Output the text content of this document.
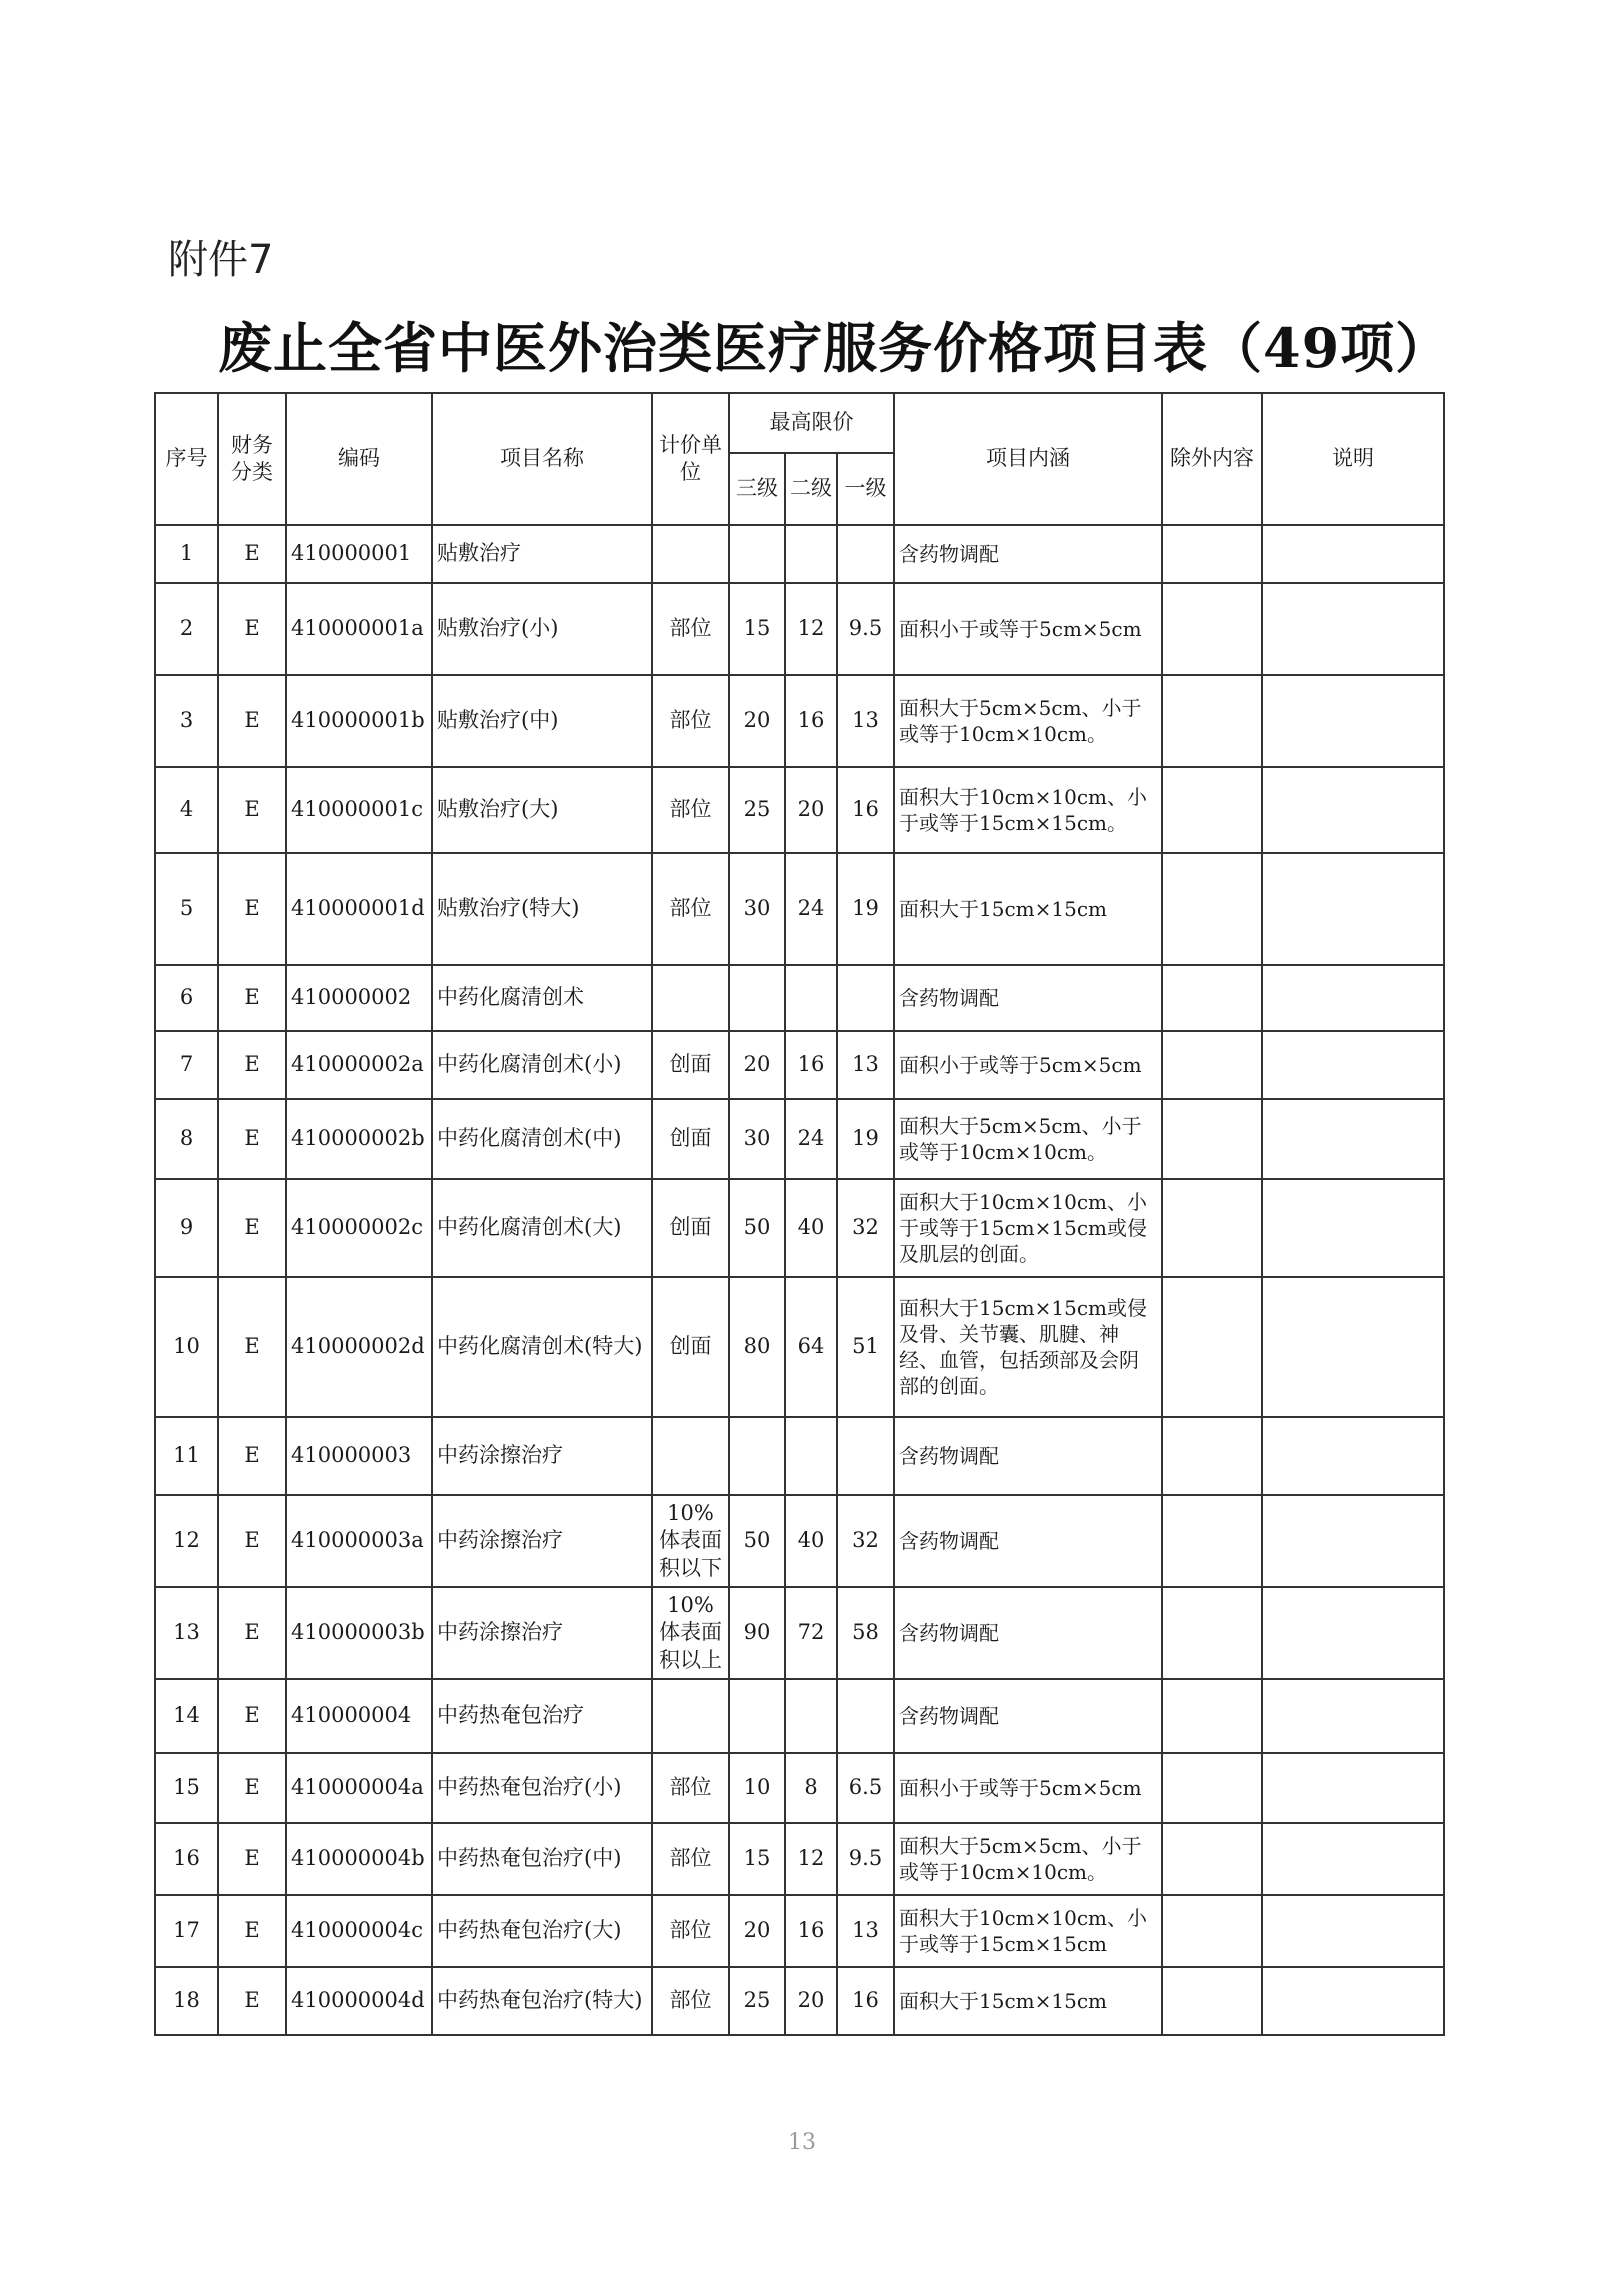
附件7
废止全省中医外治类医疗服务价格项目表（49项）
序号	财务分类	编码	项目名称	计价单位	最高限价			项目内涵	除外内容	说明
					三级	二级	一级			
1	E	410000001	贴敷治疗					含药物调配		
2	E	410000001a	贴敷治疗(小)	部位	15	12	9.5	面积小于或等于5cm×5cm		
3	E	410000001b	贴敷治疗(中)	部位	20	16	13	面积大于5cm×5cm、小于或等于10cm×10cm。		
4	E	410000001c	贴敷治疗(大)	部位	25	20	16	面积大于10cm×10cm、小于或等于15cm×15cm。		
5	E	410000001d	贴敷治疗(特大)	部位	30	24	19	面积大于15cm×15cm		
6	E	410000002	中药化腐清创术					含药物调配		
7	E	410000002a	中药化腐清创术(小)	创面	20	16	13	面积小于或等于5cm×5cm		
8	E	410000002b	中药化腐清创术(中)	创面	30	24	19	面积大于5cm×5cm、小于或等于10cm×10cm。		
9	E	410000002c	中药化腐清创术(大)	创面	50	40	32	面积大于10cm×10cm、小于或等于15cm×15cm或侵及肌层的创面。		
10	E	410000002d	中药化腐清创术(特大)	创面	80	64	51	面积大于15cm×15cm或侵及骨、关节囊、肌腱、神经、血管，包括颈部及会阴部的创面。		
11	E	410000003	中药涂擦治疗					含药物调配		
12	E	410000003a	中药涂擦治疗	10%体表面积以下	50	40	32	含药物调配		
13	E	410000003b	中药涂擦治疗	10%体表面积以上	90	72	58	含药物调配		
14	E	410000004	中药热奄包治疗					含药物调配		
15	E	410000004a	中药热奄包治疗(小)	部位	10	8	6.5	面积小于或等于5cm×5cm		
16	E	410000004b	中药热奄包治疗(中)	部位	15	12	9.5	面积大于5cm×5cm、小于或等于10cm×10cm。		
17	E	410000004c	中药热奄包治疗(大)	部位	20	16	13	面积大于10cm×10cm、小于或等于15cm×15cm		
18	E	410000004d	中药热奄包治疗(特大)	部位	25	20	16	面积大于15cm×15cm		
13
